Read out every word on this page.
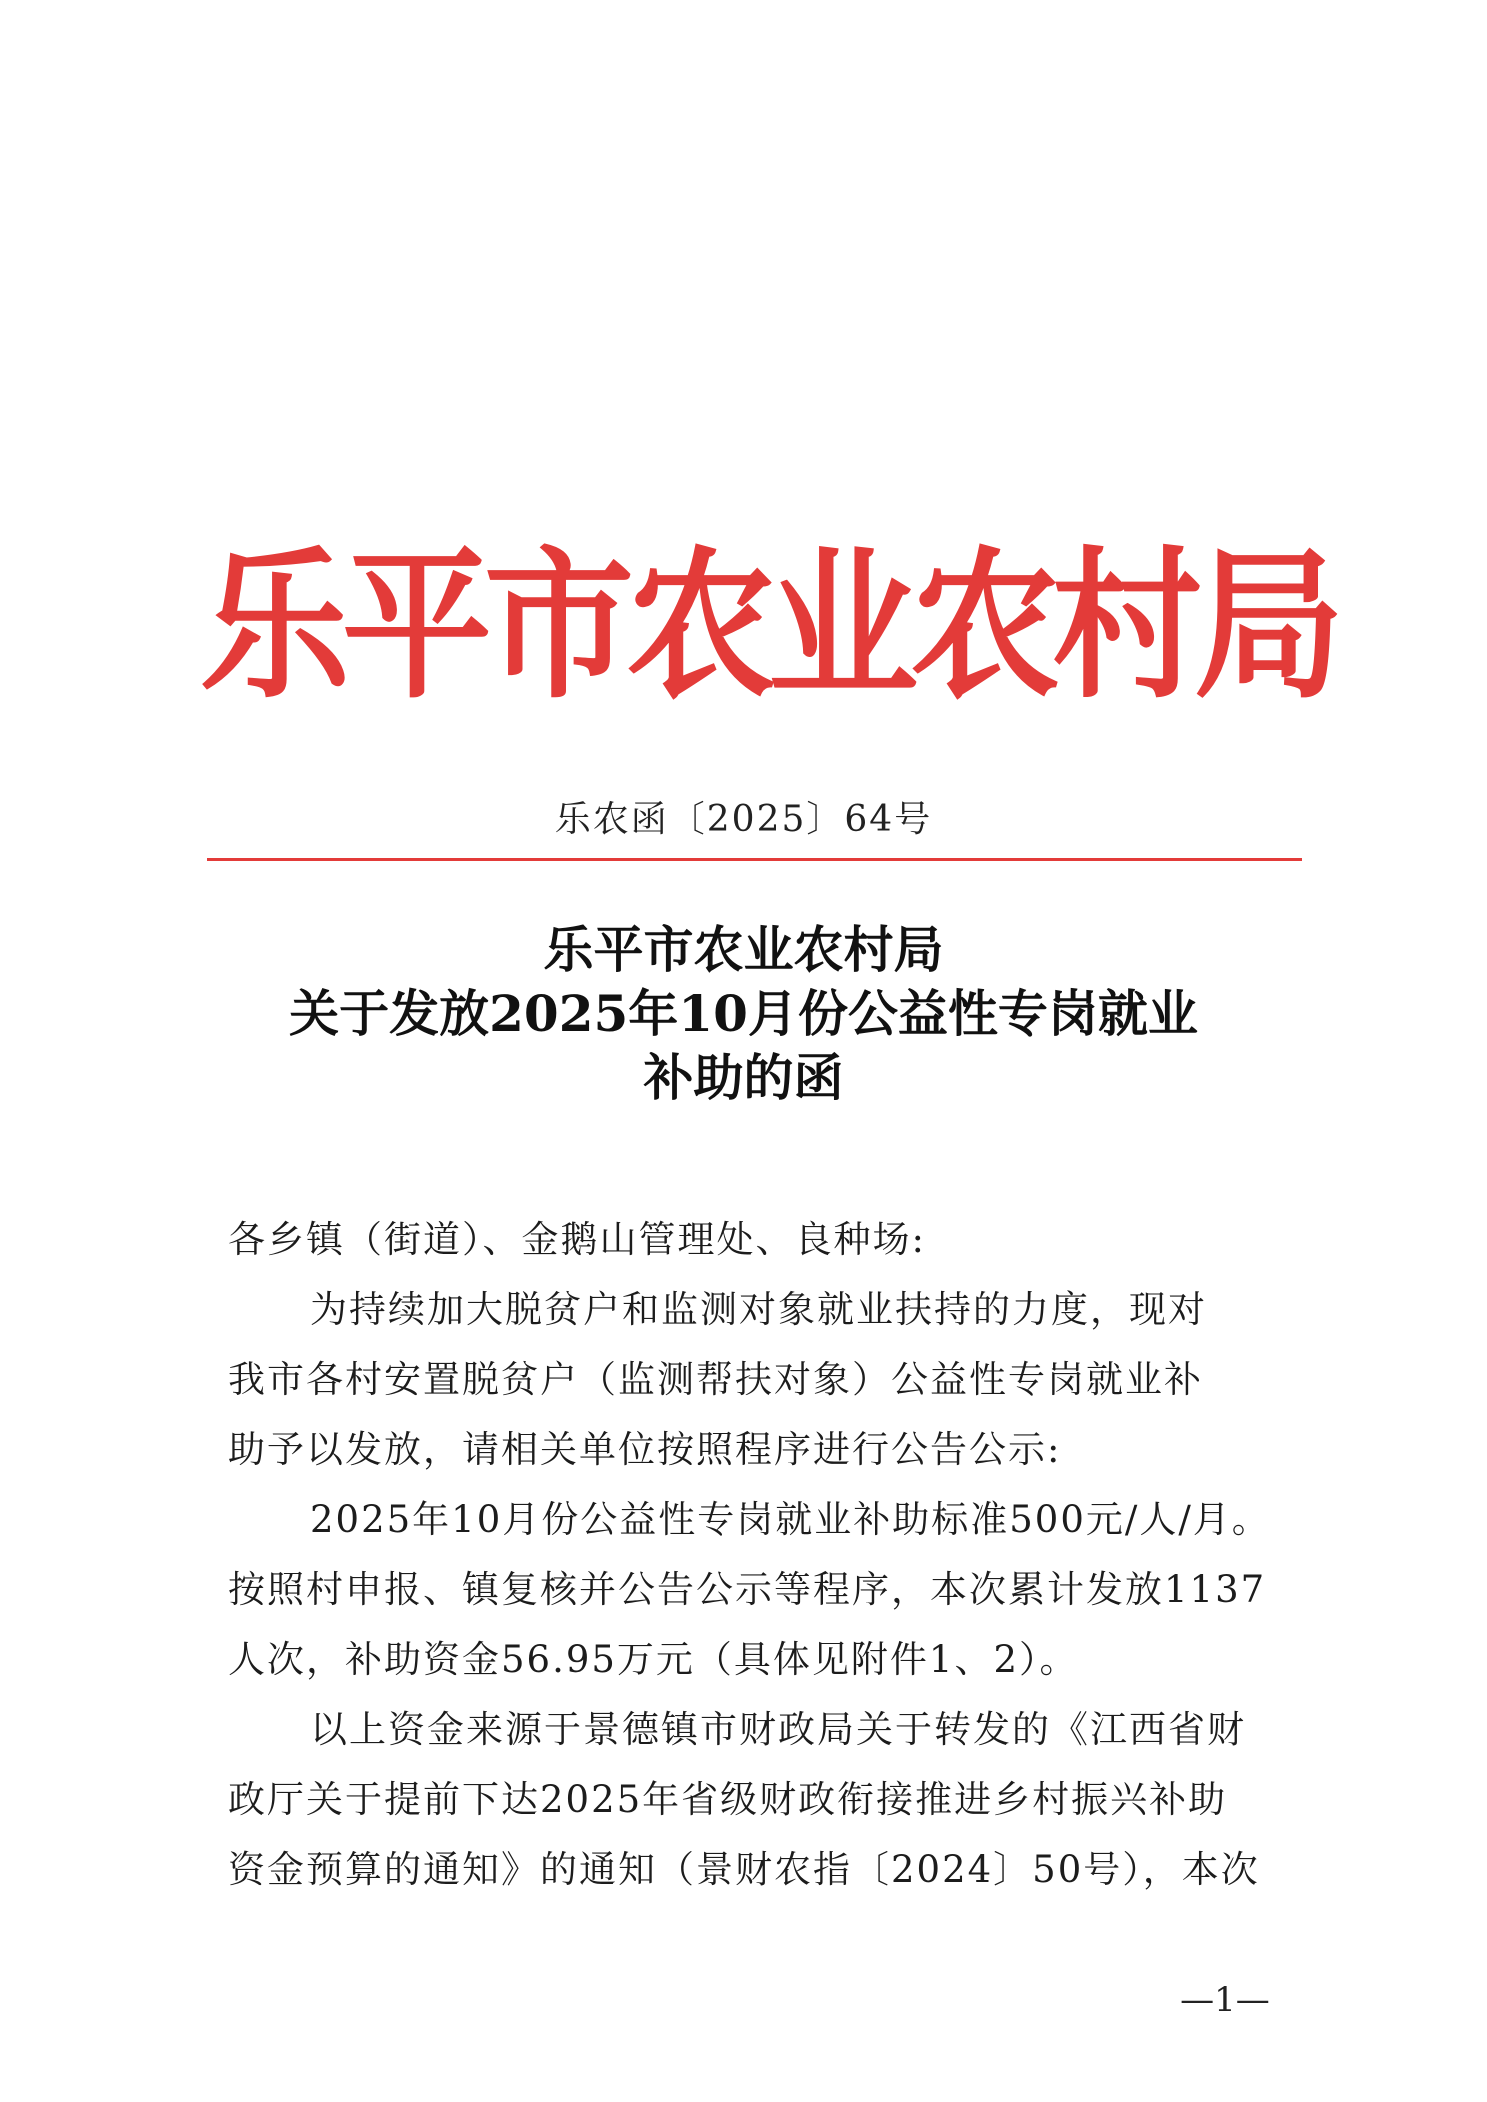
乐平市农业农村局
乐农函〔2025〕64号
乐平市农业农村局
关于发放2025年10月份公益性专岗就业
补助的函
各乡镇（街道）、金鹅山管理处、良种场:
为持续加大脱贫户和监测对象就业扶持的力度，现对
我市各村安置脱贫户（监测帮扶对象）公益性专岗就业补
助予以发放，请相关单位按照程序进行公告公示:
2025年10月份公益性专岗就业补助标准500元/人/月。
按照村申报、镇复核并公告公示等程序，本次累计发放1137
人次，补助资金56.95万元（具体见附件1、2）。
以上资金来源于景德镇市财政局关于转发的《江西省财
政厅关于提前下达2025年省级财政衔接推进乡村振兴补助
资金预算的通知》的通知（景财农指〔2024〕50号），本次
—1—
